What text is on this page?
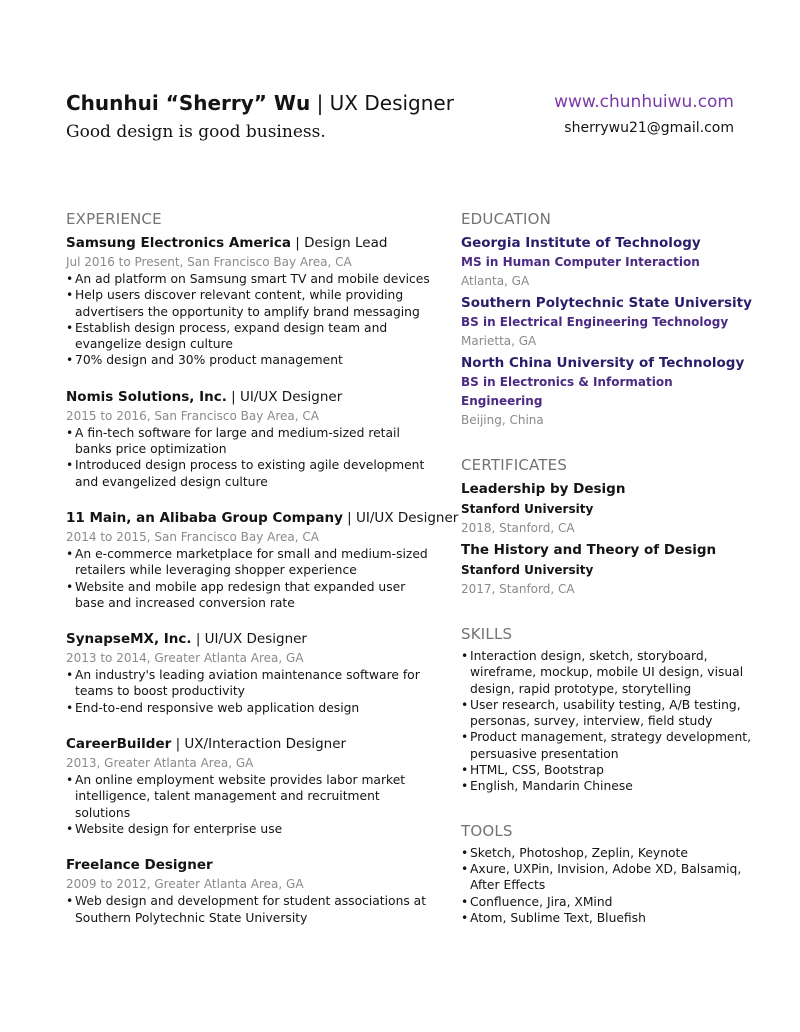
Chunhui “Sherry” Wu | UX Designer
Good design is good business.
www.chunhuiwu.com
sherrywu21@gmail.com
EXPERIENCE
Samsung Electronics America | Design Lead
Jul 2016 to Present, San Francisco Bay Area, CA
• An ad platform on Samsung smart TV and mobile devices
• Help users discover relevant content, while providing advertisers the opportunity to amplify brand messaging
• Establish design process, expand design team and evangelize design culture
• 70% design and 30% product management
Nomis Solutions, Inc. | UI/UX Designer
2015 to 2016, San Francisco Bay Area, CA
• A fin-tech software for large and medium-sized retail banks price optimization
• Introduced design process to existing agile development and evangelized design culture
11 Main, an Alibaba Group Company | UI/UX Designer
2014 to 2015, San Francisco Bay Area, CA
• An e-commerce marketplace for small and medium-sized retailers while leveraging shopper experience
• Website and mobile app redesign that expanded user base and increased conversion rate
SynapseMX, Inc. | UI/UX Designer
2013 to 2014, Greater Atlanta Area, GA
• An industry's leading aviation maintenance software for teams to boost productivity
• End-to-end responsive web application design
CareerBuilder | UX/Interaction Designer
2013, Greater Atlanta Area, GA
• An online employment website provides labor market intelligence, talent management and recruitment solutions
• Website design for enterprise use
Freelance Designer
2009 to 2012, Greater Atlanta Area, GA
• Web design and development for student associations at Southern Polytechnic State University
EDUCATION
Georgia Institute of Technology
MS in Human Computer Interaction
Atlanta, GA
Southern Polytechnic State University
BS in Electrical Engineering Technology
Marietta, GA
North China University of Technology
BS in Electronics & Information Engineering
Beijing, China
CERTIFICATES
Leadership by Design
Stanford University
2018, Stanford, CA
The History and Theory of Design
Stanford University
2017, Stanford, CA
SKILLS
• Interaction design, sketch, storyboard, wireframe, mockup, mobile UI design, visual design, rapid prototype, storytelling
• User research, usability testing, A/B testing, personas, survey, interview, field study
• Product management, strategy development, persuasive presentation
• HTML, CSS, Bootstrap
• English, Mandarin Chinese
TOOLS
• Sketch, Photoshop, Zeplin, Keynote
• Axure, UXPin, Invision, Adobe XD, Balsamiq, After Effects
• Confluence, Jira, XMind
• Atom, Sublime Text, Bluefish
